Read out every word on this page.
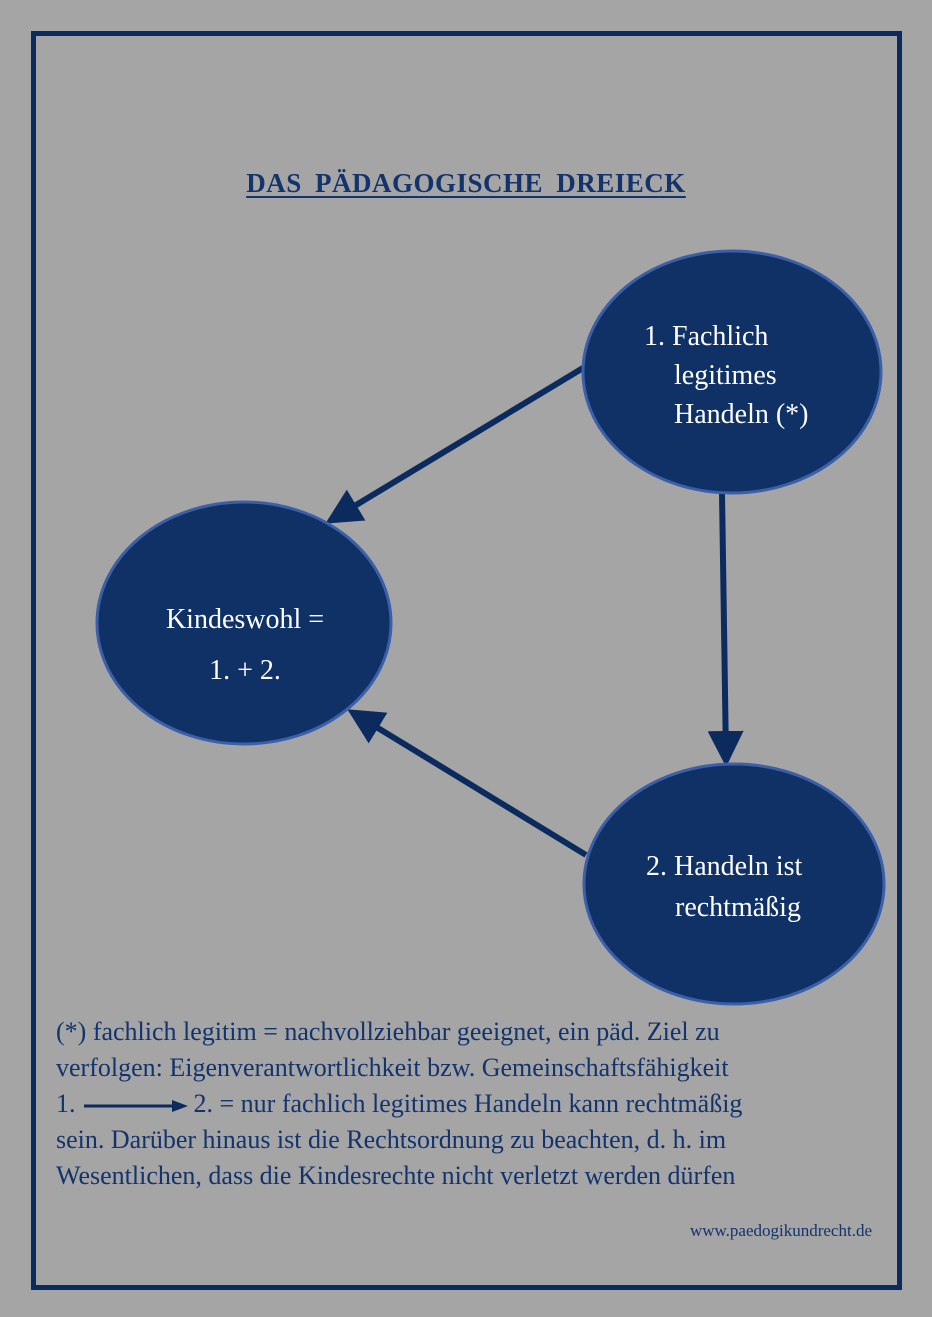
DAS PÄDAGOGISCHE DREIECK
1. Fachlich
legitimes
Handeln (*)
Kindeswohl =
1. + 2.
2. Handeln ist
rechtmäßig
(*) fachlich legitim = nachvollziehbar geeignet, ein päd. Ziel zu
verfolgen: Eigenverantwortlichkeit bzw. Gemeinschaftsfähigkeit
1.	2. = nur fachlich legitimes Handeln kann rechtmäßig
sein. Darüber hinaus ist die Rechtsordnung zu beachten, d. h. im
Wesentlichen, dass die Kindesrechte nicht verletzt werden dürfen
www.paedogikundrecht.de
